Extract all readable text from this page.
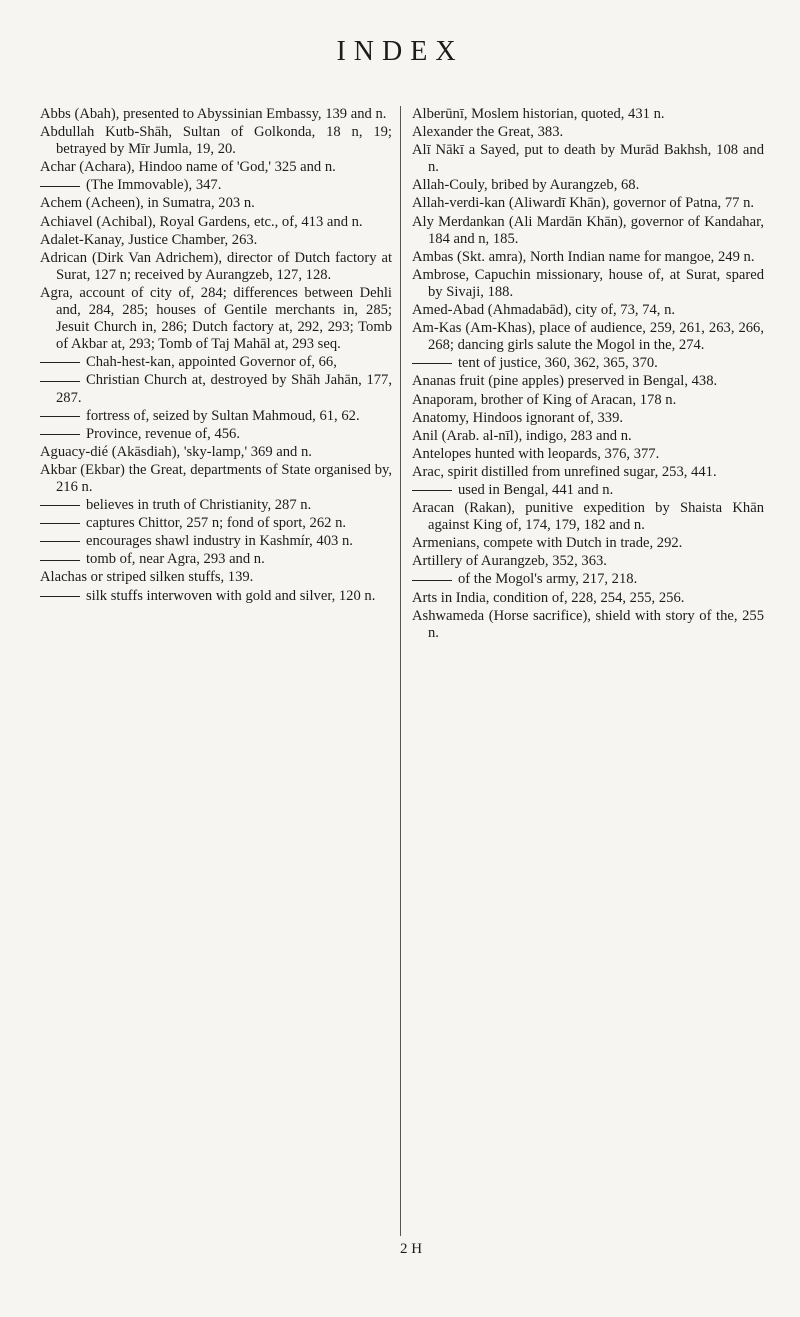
INDEX

Abbs (Abah), presented to Abyssinian Embassy, 139 and n.

Abdullah Kutb-Shāh, Sultan of Golkonda, 18 n, 19; betrayed by Mīr Jumla, 19, 20.

Achar (Achara), Hindoo name of 'God,' 325 and n.

(The Immovable), 347.

Achem (Acheen), in Sumatra, 203 n.

Achiavel (Achibal), Royal Gardens, etc., of, 413 and n.

Adalet-Kanay, Justice Chamber, 263.

Adrican (Dirk Van Adrichem), director of Dutch factory at Surat, 127 n; received by Aurangzeb, 127, 128.

Agra, account of city of, 284; differences between Dehli and, 284, 285; houses of Gentile merchants in, 285; Jesuit Church in, 286; Dutch factory at, 292, 293; Tomb of Akbar at, 293; Tomb of Taj Mahāl at, 293 seq.

Chah-hest-kan, appointed Governor of, 66,

Christian Church at, destroyed by Shāh Jahān, 177, 287.

fortress of, seized by Sultan Mahmoud, 61, 62.

Province, revenue of, 456.

Aguacy-dié (Akāsdiah), 'sky-lamp,' 369 and n.

Akbar (Ekbar) the Great, departments of State organised by, 216 n.

believes in truth of Christianity, 287 n.

captures Chittor, 257 n; fond of sport, 262 n.

encourages shawl industry in Kashmír, 403 n.

tomb of, near Agra, 293 and n.

Alachas or striped silken stuffs, 139.

silk stuffs interwoven with gold and silver, 120 n.

Alberūnī, Moslem historian, quoted, 431 n.

Alexander the Great, 383.

Alī Nākī a Sayed, put to death by Murād Bakhsh, 108 and n.

Allah-Couly, bribed by Aurangzeb, 68.

Allah-verdi-kan (Aliwardī Khān), governor of Patna, 77 n.

Aly Merdankan (Ali Mardān Khān), governor of Kandahar, 184 and n, 185.

Ambas (Skt. amra), North Indian name for mangoe, 249 n.

Ambrose, Capuchin missionary, house of, at Surat, spared by Sivaji, 188.

Amed-Abad (Ahmadabād), city of, 73, 74, n.

Am-Kas (Am-Khas), place of audience, 259, 261, 263, 266, 268; dancing girls salute the Mogol in the, 274.

tent of justice, 360, 362, 365, 370.

Ananas fruit (pine apples) preserved in Bengal, 438.

Anaporam, brother of King of Aracan, 178 n.

Anatomy, Hindoos ignorant of, 339.

Anil (Arab. al-nīl), indigo, 283 and n.

Antelopes hunted with leopards, 376, 377.

Arac, spirit distilled from unrefined sugar, 253, 441.

used in Bengal, 441 and n.

Aracan (Rakan), punitive expedition by Shaista Khān against King of, 174, 179, 182 and n.

Armenians, compete with Dutch in trade, 292.

Artillery of Aurangzeb, 352, 363.

of the Mogol's army, 217, 218.

Arts in India, condition of, 228, 254, 255, 256.

Ashwameda (Horse sacrifice), shield with story of the, 255 n.

2 H
